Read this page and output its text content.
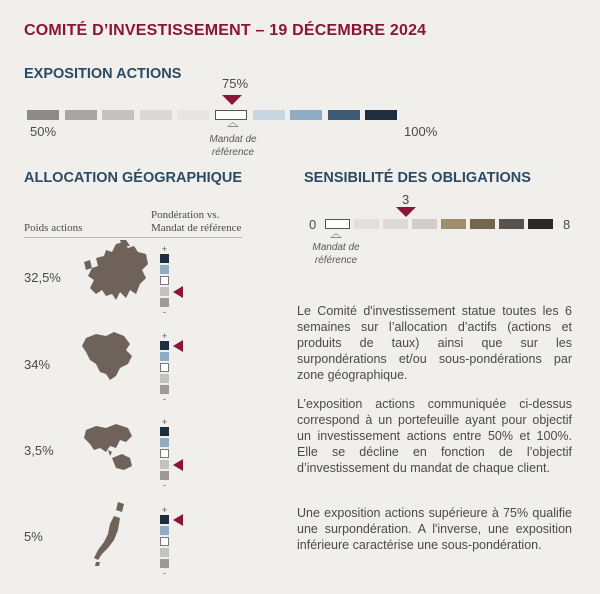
COMITÉ D’INVESTISSEMENT – 19 DÉCEMBRE 2024
EXPOSITION ACTIONS
75%
50%	100%
Mandat de référence
ALLOCATION GÉOGRAPHIQUE
Poids actions
Pondération vs.
Mandat de référence
32,5%
34%
3,5%
5%
+
-
+
-
+
-
+
-
SENSIBILITÉ DES OBLIGATIONS
3
0	8
Mandat de référence
Le Comité d'investissement statue toutes les 6 semaines sur l’allocation d’actifs (actions et produits de taux) ainsi que sur les surpondérations et/ou sous-pondérations par zone géographique.
L’exposition actions communiquée ci-dessus correspond à un portefeuille ayant pour objectif un investissement actions entre 50% et 100%. Elle se décline en fonction de l’objectif d’investissement du mandat de chaque client.
Une exposition actions supérieure à 75% qualifie une surpondération. A l'inverse, une exposition inférieure caractérise une sous-pondération.
